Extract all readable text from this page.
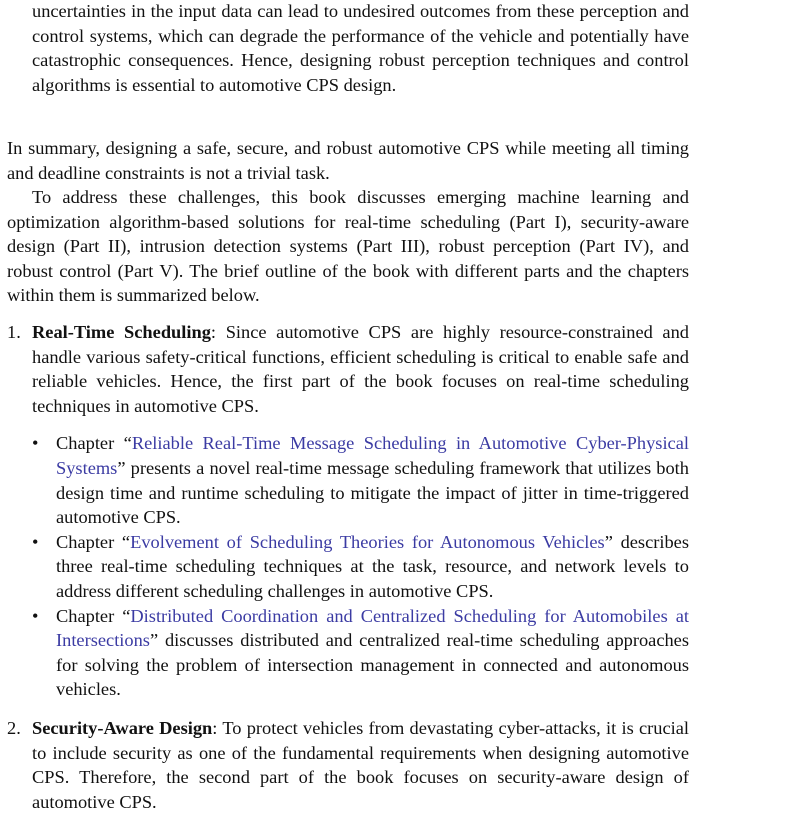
uncertainties in the input data can lead to undesired outcomes from these perception and control systems, which can degrade the performance of the vehicle and potentially have catastrophic consequences. Hence, designing robust perception techniques and control algorithms is essential to automotive CPS design.

In summary, designing a safe, secure, and robust automotive CPS while meeting all timing and deadline constraints is not a trivial task.

To address these challenges, this book discusses emerging machine learning and optimization algorithm-based solutions for real-time scheduling (Part I), security-aware design (Part II), intrusion detection systems (Part III), robust perception (Part IV), and robust control (Part V). The brief outline of the book with different parts and the chapters within them is summarized below.

1. Real-Time Scheduling: Since automotive CPS are highly resource-constrained and handle various safety-critical functions, efficient scheduling is critical to enable safe and reliable vehicles. Hence, the first part of the book focuses on real-time scheduling techniques in automotive CPS.
• Chapter “Reliable Real-Time Message Scheduling in Automotive Cyber-Physical Systems” presents a novel real-time message scheduling framework that utilizes both design time and runtime scheduling to mitigate the impact of jitter in time-triggered automotive CPS.
• Chapter “Evolvement of Scheduling Theories for Autonomous Vehicles” describes three real-time scheduling techniques at the task, resource, and network levels to address different scheduling challenges in automotive CPS.
• Chapter “Distributed Coordination and Centralized Scheduling for Automobiles at Intersections” discusses distributed and centralized real-time scheduling approaches for solving the problem of intersection management in connected and autonomous vehicles.
2. Security-Aware Design: To protect vehicles from devastating cyber-attacks, it is crucial to include security as one of the fundamental requirements when designing automotive CPS. Therefore, the second part of the book focuses on security-aware design of automotive CPS.
